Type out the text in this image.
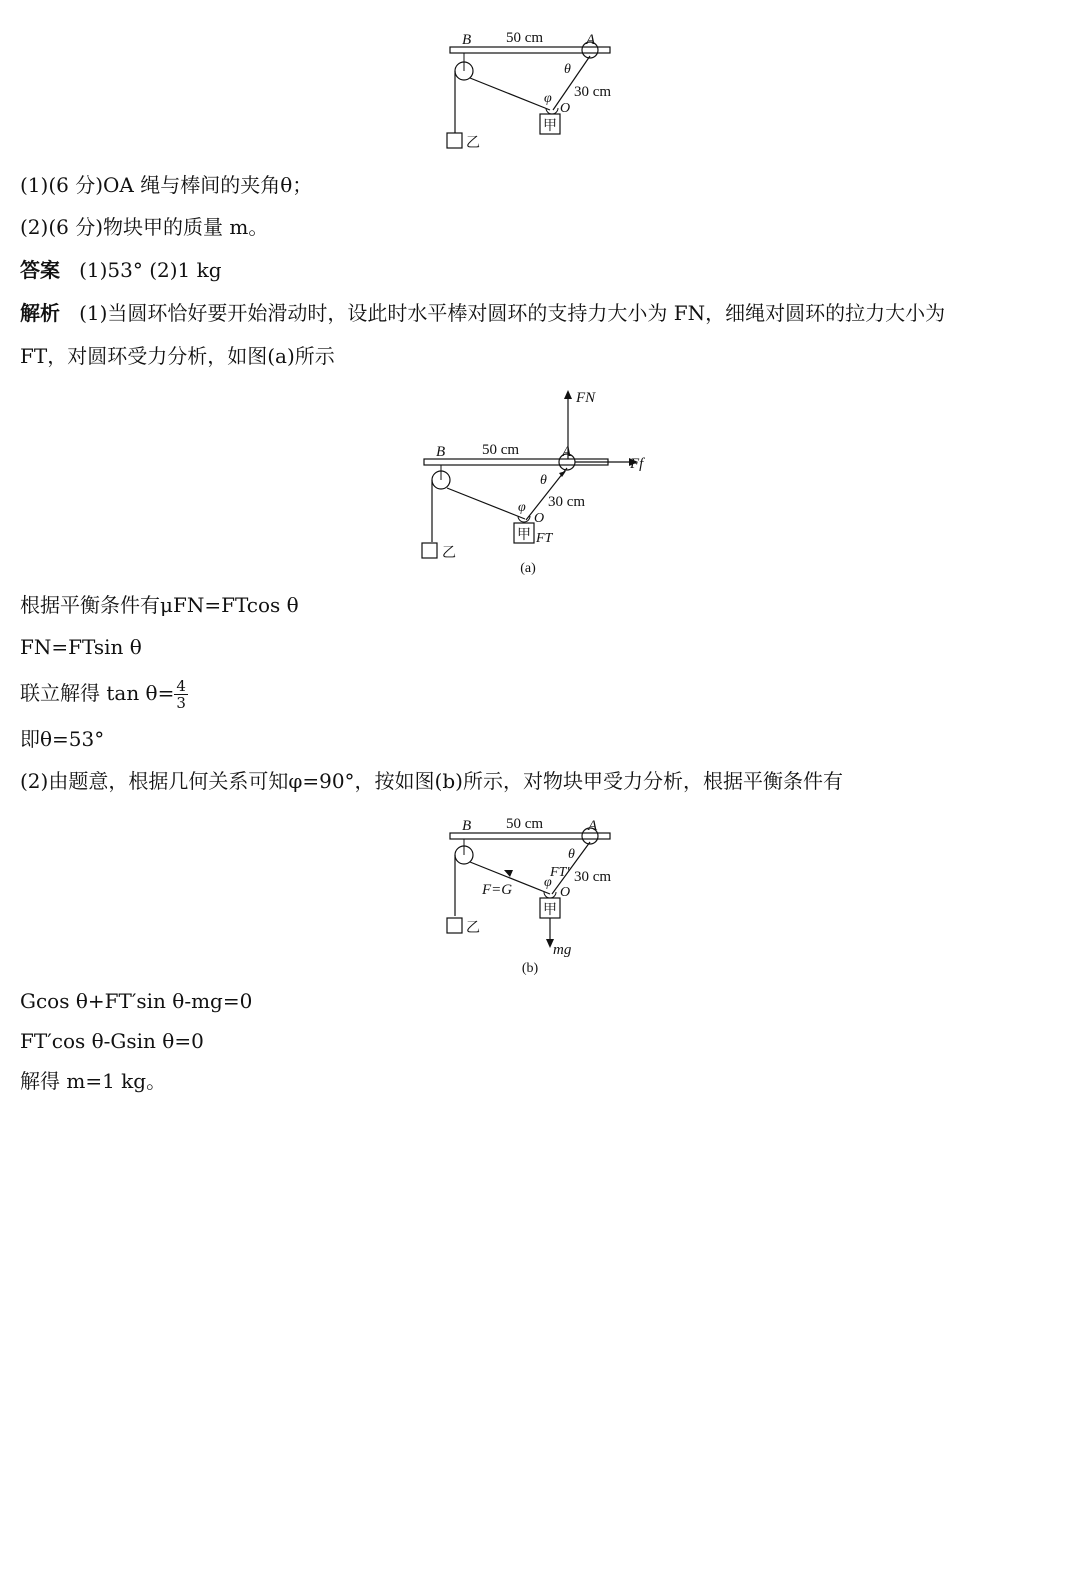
甲
乙
B	A
50 cm
θ
30 cm
φ
O
(1)(6 分)OA 绳与棒间的夹角θ；
(2)(6 分)物块甲的质量 m。
答案 (1)53° (2)1 kg
解析 (1)当圆环恰好要开始滑动时，设此时水平棒对圆环的支持力大小为 FN，细绳对圆环的拉力大小为
FT，对圆环受力分析，如图(a)所示
FN
Ff
甲
乙
B	A
50 cm
θ
30 cm
φ
O
FT
(a)
根据平衡条件有μFN=FTcos θ
FN=FTsin θ
联立解得 $\tan \theta= \frac{4}{3}$
即θ=53°
(2)由题意，根据几何关系可知φ=90°，按如图(b)所示，对物块甲受力分析，根据平衡条件有
甲
mg
乙
B	A
50 cm
θ
FT′ 30 cm
F=G φ
O
(b)
Gcos θ+FT′sin θ-mg=0
FT′cos θ-Gsin θ=0
解得 m=1 kg。
